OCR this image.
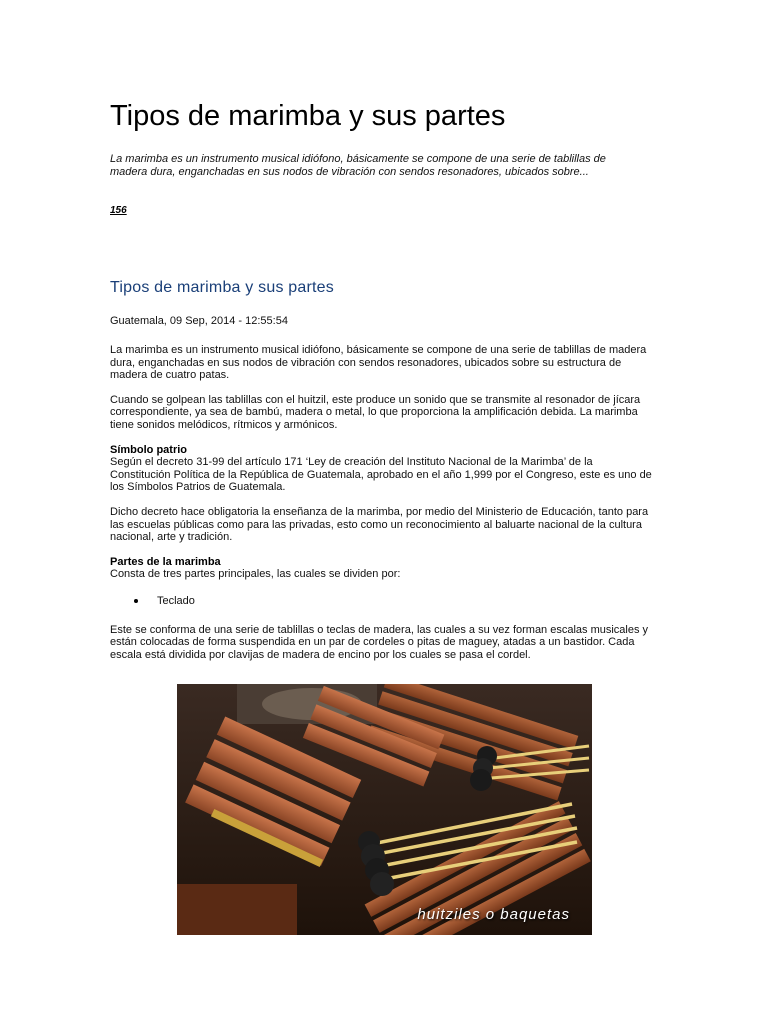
Tipos de marimba y sus partes

La marimba es un instrumento musical idiófono, básicamente se compone de una serie de tablillas de madera dura, enganchadas en sus nodos de vibración con sendos resonadores, ubicados sobre...

156
Tipos de marimba y sus partes
Guatemala, 09 Sep, 2014 - 12:55:54

La marimba es un instrumento musical idiófono, básicamente se compone de una serie de tablillas de madera dura, enganchadas en sus nodos de vibración con sendos resonadores, ubicados sobre su estructura de madera de cuatro patas.

Cuando se golpean las tablillas con el huitzil, este produce un sonido que se transmite al resonador de jícara correspondiente, ya sea de bambú, madera o metal, lo que proporciona la amplificación debida. La marimba tiene sonidos melódicos, rítmicos y armónicos.

Símbolo patrio

Según el decreto 31-99 del artículo 171 ‘Ley de creación del Instituto Nacional de la Marimba’ de la Constitución Política de la República de Guatemala, aprobado en el año 1,999 por el Congreso, este es uno de los Símbolos Patrios de Guatemala.

Dicho decreto hace obligatoria la enseñanza de la marimba, por medio del Ministerio de Educación, tanto para las escuelas públicas como para las privadas, esto como un reconocimiento al baluarte nacional de la cultura nacional, arte y tradición.

Partes de la marimba

Consta de tres partes principales, las cuales se dividen por:

Teclado

Este se conforma de una serie de tablillas o teclas de madera, las cuales a su vez forman escalas musicales y están colocadas de forma suspendida en un par de cordeles o pitas de maguey, atadas a un bastidor. Cada escala está dividida por clavijas de madera de encino por los cuales se pasa el cordel.

huitziles o baquetas
